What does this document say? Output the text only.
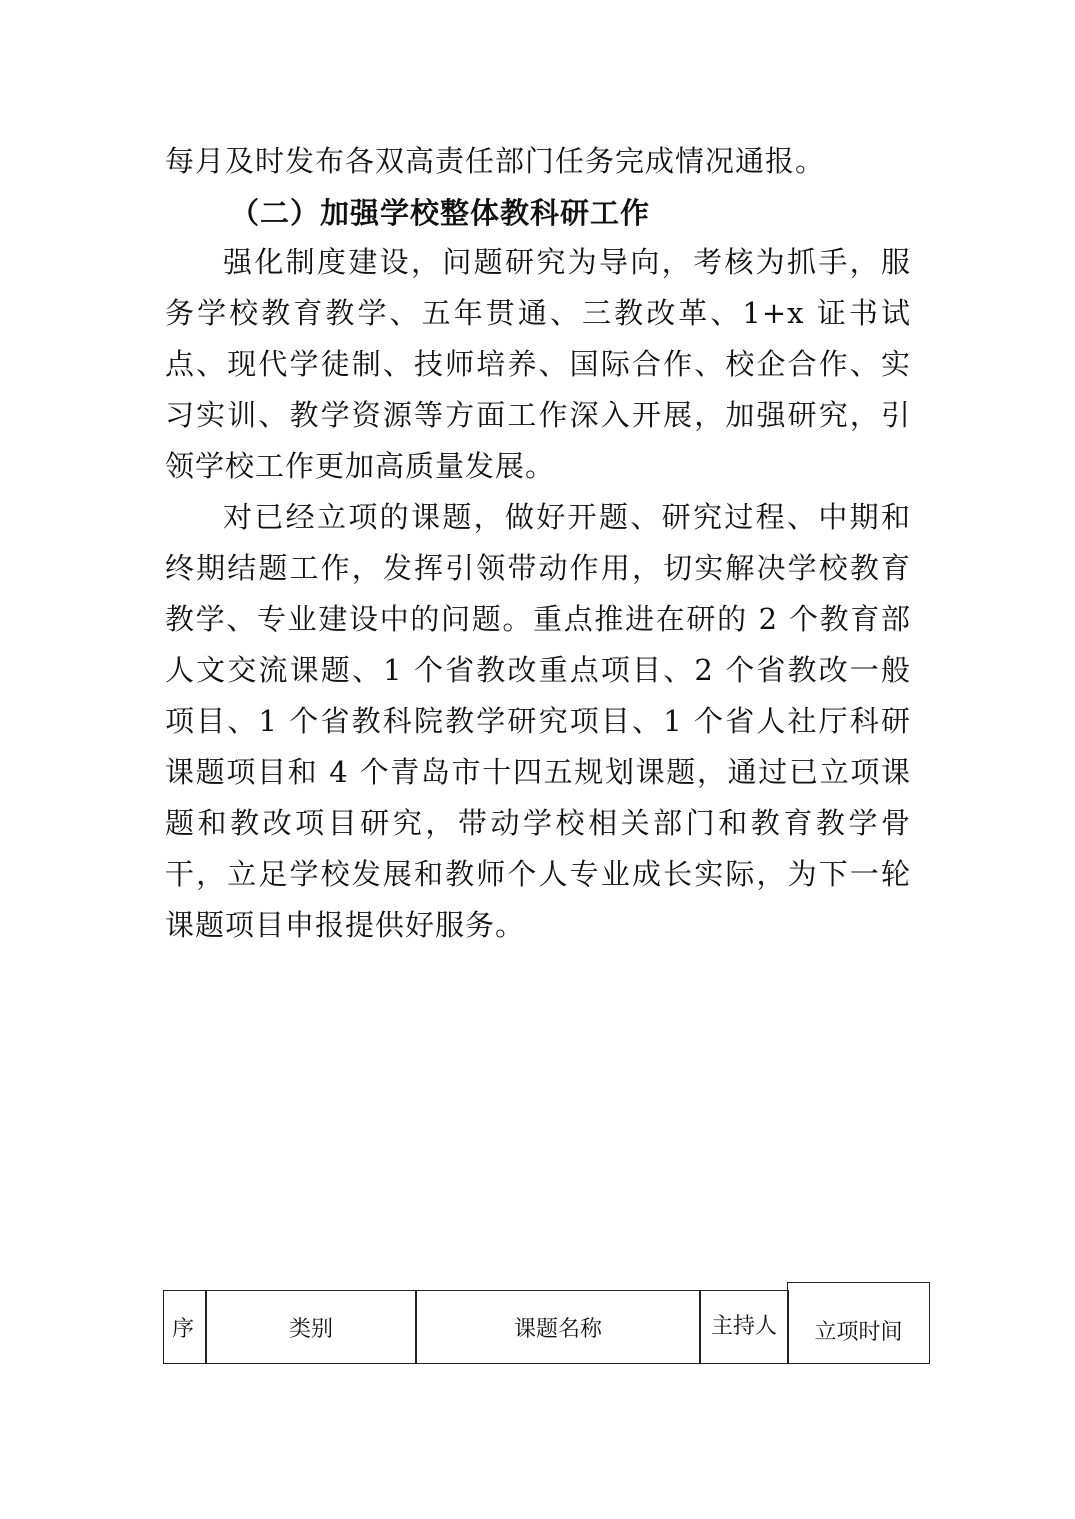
每月及时发布各双高责任部门任务完成情况通报。
（二）加强学校整体教科研工作
强化制度建设，问题研究为导向，考核为抓手，服务学校教育教学、五年贯通、三教改革、1+x 证书试点、现代学徒制、技师培养、国际合作、校企合作、实习实训、教学资源等方面工作深入开展，加强研究，引领学校工作更加高质量发展。
对已经立项的课题，做好开题、研究过程、中期和终期结题工作，发挥引领带动作用，切实解决学校教育教学、专业建设中的问题。重点推进在研的 2 个教育部人文交流课题、1 个省教改重点项目、2 个省教改一般项目、1 个省教科院教学研究项目、1 个省人社厅科研课题项目和 4 个青岛市十四五规划课题，通过已立项课题和教改项目研究，带动学校相关部门和教育教学骨干，立足学校发展和教师个人专业成长实际，为下一轮课题项目申报提供好服务。
序	类别	课题名称	主持人	立项时间
